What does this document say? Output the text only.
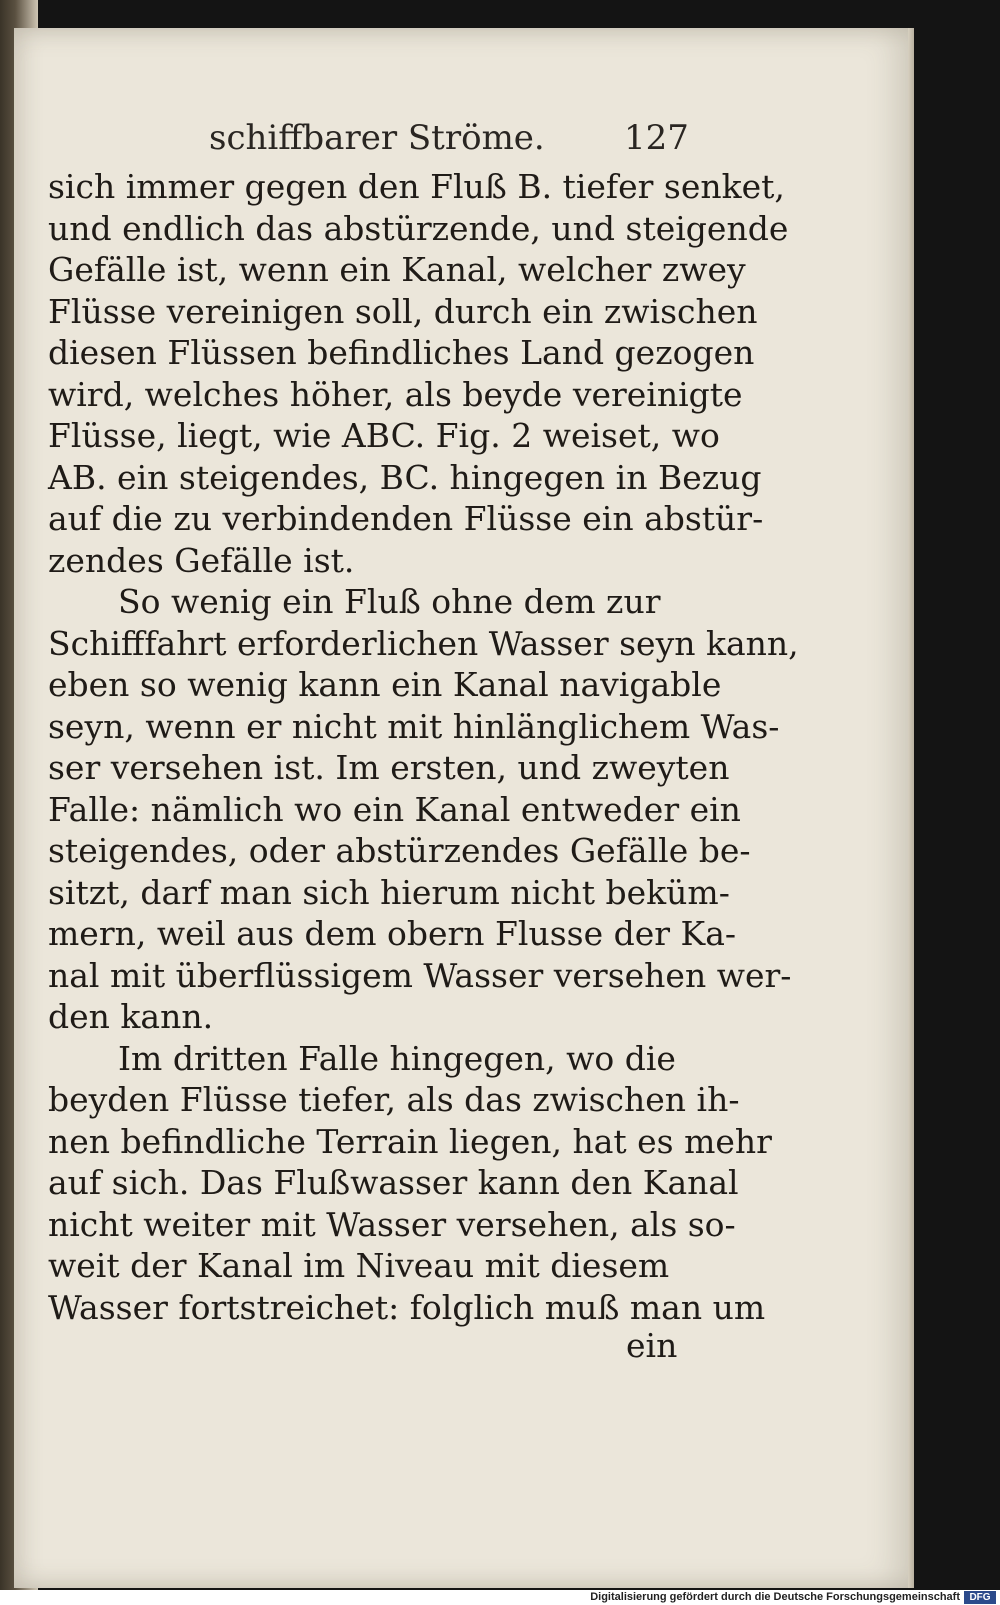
schiffbarer Ströme.	127
sich immer gegen den Fluß B. tiefer senket,
und endlich das abstürzende, und steigende
Gefälle ist, wenn ein Kanal, welcher zwey
Flüsse vereinigen soll, durch ein zwischen
diesen Flüssen befindliches Land gezogen
wird, welches höher, als beyde vereinigte
Flüsse, liegt, wie ABC. Fig. 2 weiset, wo
AB. ein steigendes, BC. hingegen in Bezug
auf die zu verbindenden Flüsse ein abstür-
zendes Gefälle ist.
So wenig ein Fluß ohne dem zur
Schifffahrt erforderlichen Wasser seyn kann,
eben so wenig kann ein Kanal navigable
seyn, wenn er nicht mit hinlänglichem Was-
ser versehen ist. Im ersten, und zweyten
Falle: nämlich wo ein Kanal entweder ein
steigendes, oder abstürzendes Gefälle be-
sitzt, darf man sich hierum nicht beküm-
mern, weil aus dem obern Flusse der Ka-
nal mit überflüssigem Wasser versehen wer-
den kann.
Im dritten Falle hingegen, wo die
beyden Flüsse tiefer, als das zwischen ih-
nen befindliche Terrain liegen, hat es mehr
auf sich. Das Flußwasser kann den Kanal
nicht weiter mit Wasser versehen, als so-
weit der Kanal im Niveau mit diesem
Wasser fortstreichet: folglich muß man um
ein
Digitalisierung gefördert durch die Deutsche Forschungsgemeinschaft DFG
